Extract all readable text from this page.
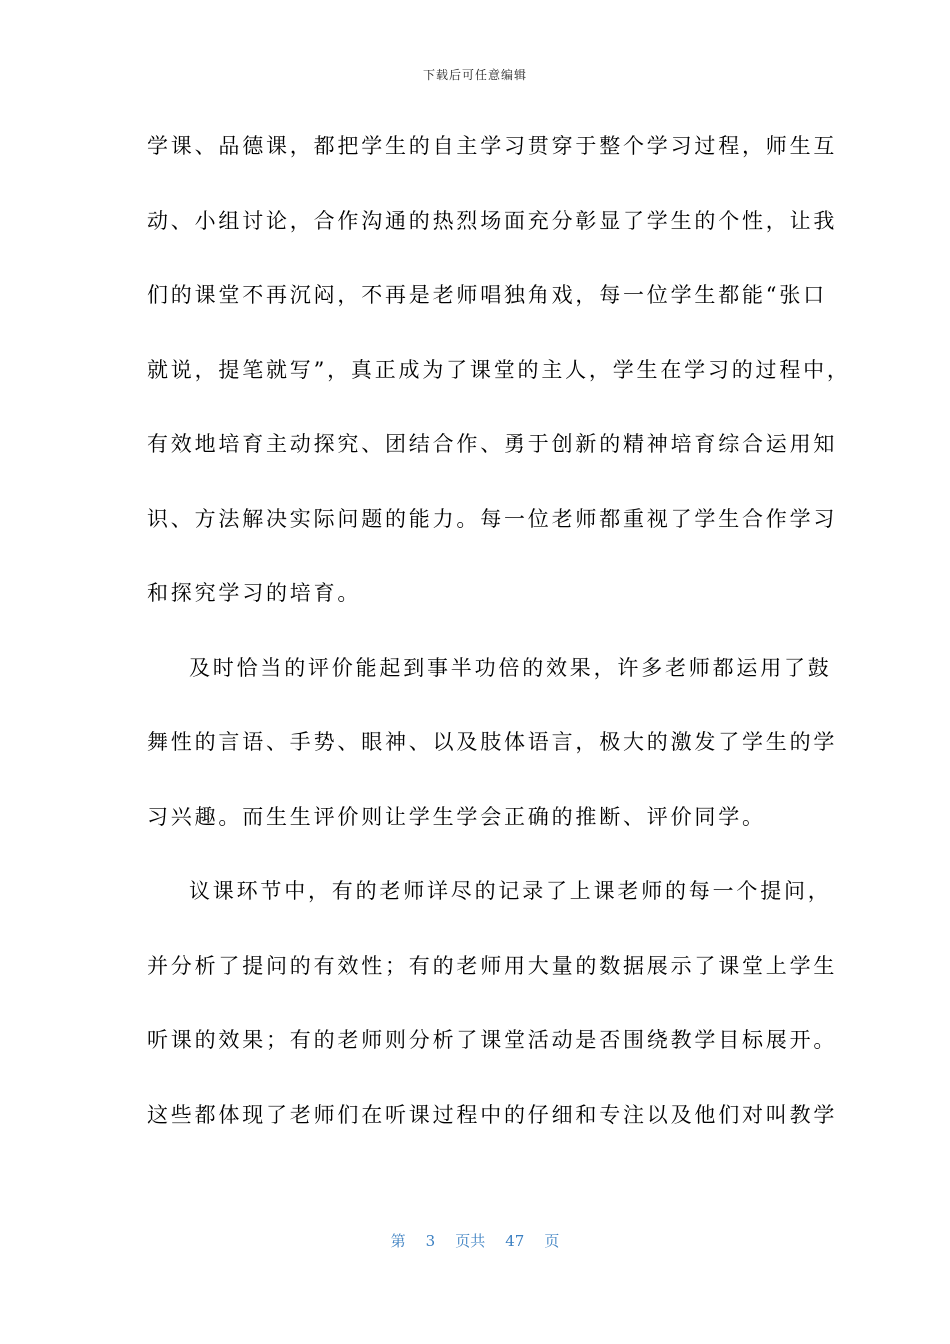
下载后可任意编辑
学课、品德课，都把学生的自主学习贯穿于整个学习过程，师生互
动、小组讨论，合作沟通的热烈场面充分彰显了学生的个性，让我
们的课堂不再沉闷，不再是老师唱独角戏，每一位学生都能“张口
就说，提笔就写”，真正成为了课堂的主人，学生在学习的过程中，
有效地培育主动探究、团结合作、勇于创新的精神培育综合运用知
识、方法解决实际问题的能力。每一位老师都重视了学生合作学习
和探究学习的培育。
及时恰当的评价能起到事半功倍的效果，许多老师都运用了鼓
舞性的言语、手势、眼神、以及肢体语言，极大的激发了学生的学
习兴趣。而生生评价则让学生学会正确的推断、评价同学。
议课环节中，有的老师详尽的记录了上课老师的每一个提问，
并分析了提问的有效性；有的老师用大量的数据展示了课堂上学生
听课的效果；有的老师则分析了课堂活动是否围绕教学目标展开。
这些都体现了老师们在听课过程中的仔细和专注以及他们对叫教学
第 3 页共 47 页
